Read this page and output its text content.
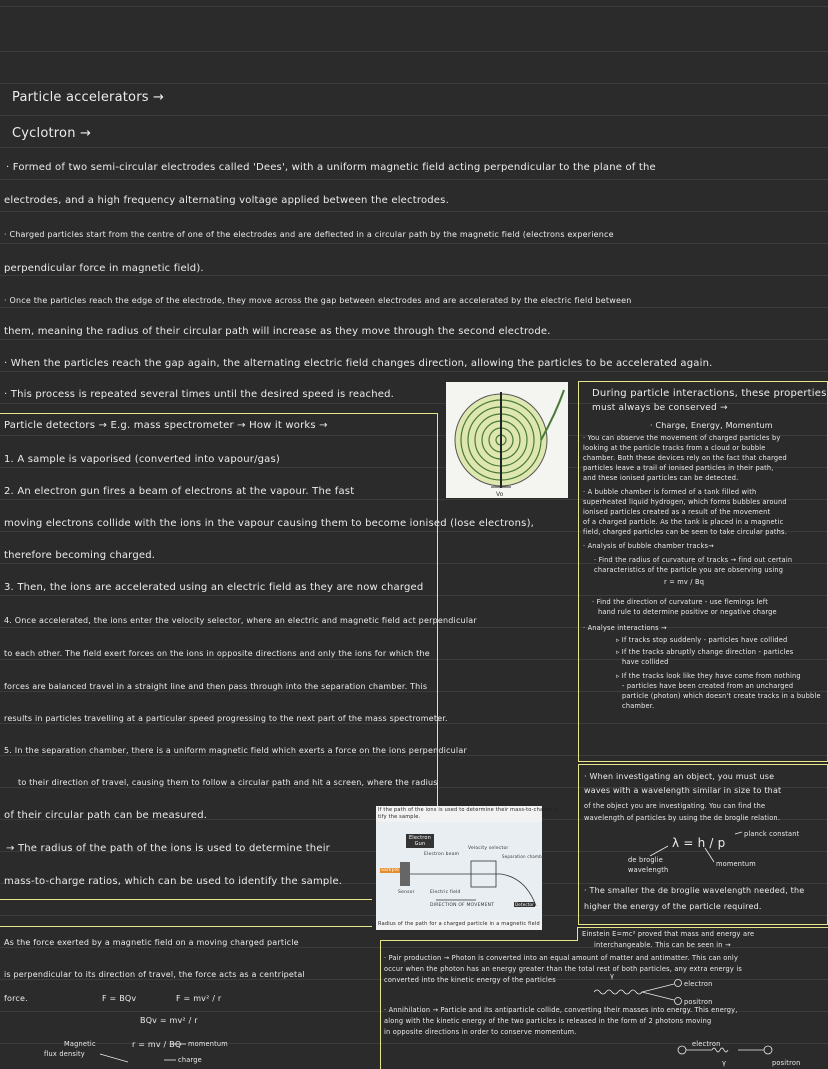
Particle accelerators →
Cyclotron →
· Formed of two semi-circular electrodes called 'Dees', with a uniform magnetic field acting perpendicular to the plane of the
electrodes, and a high frequency alternating voltage applied between the electrodes.
· Charged particles start from the centre of one of the electrodes and are deflected in a circular path by the magnetic field (electrons experience
perpendicular force in magnetic field).
· Once the particles reach the edge of the electrode, they move across the gap between electrodes and are accelerated by the electric field between
them, meaning the radius of their circular path will increase as they move through the second electrode.
· When the particles reach the gap again, the alternating electric field changes direction, allowing the particles to be accelerated again.
· This process is repeated several times until the desired speed is reached.
Vo
Particle detectors → E.g. mass spectrometer → How it works →
1. A sample is vaporised (converted into vapour/gas)
2. An electron gun fires a beam of electrons at the vapour. The fast
moving electrons collide with the ions in the vapour causing them to become ionised (lose electrons),
therefore becoming charged.
3. Then, the ions are accelerated using an electric field as they are now charged
4. Once accelerated, the ions enter the velocity selector, where an electric and magnetic field act perpendicular
to each other. The field exert forces on the ions in opposite directions and only the ions for which the
forces are balanced travel in a straight line and then pass through into the separation chamber. This
results in particles travelling at a particular speed progressing to the next part of the mass spectrometer.
5. In the separation chamber, there is a uniform magnetic field which exerts a force on the ions perpendicular
to their direction of travel, causing them to follow a circular path and hit a screen, where the radius
of their circular path can be measured.
→ The radius of the path of the ions is used to determine their
mass-to-charge ratios, which can be used to identify the sample.
If the path of the ions is used to determine their mass-to-charge ra
tify the sample.
Electron Gun
Electron beam
Velocity selector
Separation chamber
Sample
Sensor	Electric field
DIRECTION OF MOVEMENT	Detector
Radius of the path for a charged particle in a magnetic field
During particle interactions, these properties
must always be conserved →
· Charge, Energy, Momentum
· You can observe the movement of charged particles by
looking at the particle tracks from a cloud or bubble
chamber. Both these devices rely on the fact that charged
particles leave a trail of ionised particles in their path,
and these ionised particles can be detected.
· A bubble chamber is formed of a tank filled with
superheated liquid hydrogen, which forms bubbles around
ionised particles created as a result of the movement
of a charged particle. As the tank is placed in a magnetic
field, charged particles can be seen to take circular paths.
· Analysis of bubble chamber tracks→
· Find the radius of curvature of tracks → find out certain
characteristics of the particle you are observing using
r = mv / Bq
· Find the direction of curvature - use flemings left
hand rule to determine positive or negative charge
· Analyse interactions →
▹ If tracks stop suddenly - particles have collided
▹ If the tracks abruptly change direction - particles
have collided
▹ If the tracks look like they have come from nothing
- particles have been created from an uncharged
particle (photon) which doesn't create tracks in a bubble
chamber.
· When investigating an object, you must use
waves with a wavelength similar in size to that
of the object you are investigating. You can find the
wavelength of particles by using the de broglie relation.
λ = h / p
planck constant
de broglie
wavelength
momentum
· The smaller the de broglie wavelength needed, the
higher the energy of the particle required.
Einstein E=mc² proved that mass and energy are
interchangeable. This can be seen in →
· Pair production → Photon is converted into an equal amount of matter and antimatter. This can only
occur when the photon has an energy greater than the total rest of both particles, any extra energy is
converted into the kinetic energy of the particles	γ
electron
positron
· Annihilation → Particle and its antiparticle collide, converting their masses into energy. This energy,
along with the kinetic energy of the two particles is released in the form of 2 photons moving
in opposite directions in order to conserve momentum.
electron
positron
γ
As the force exerted by a magnetic field on a moving charged particle
is perpendicular to its direction of travel, the force acts as a centripetal
force.	F = BQv	F = mv² / r
BQv = mv² / r
r = mv / BQ
Magnetic
flux density
momentum
charge
